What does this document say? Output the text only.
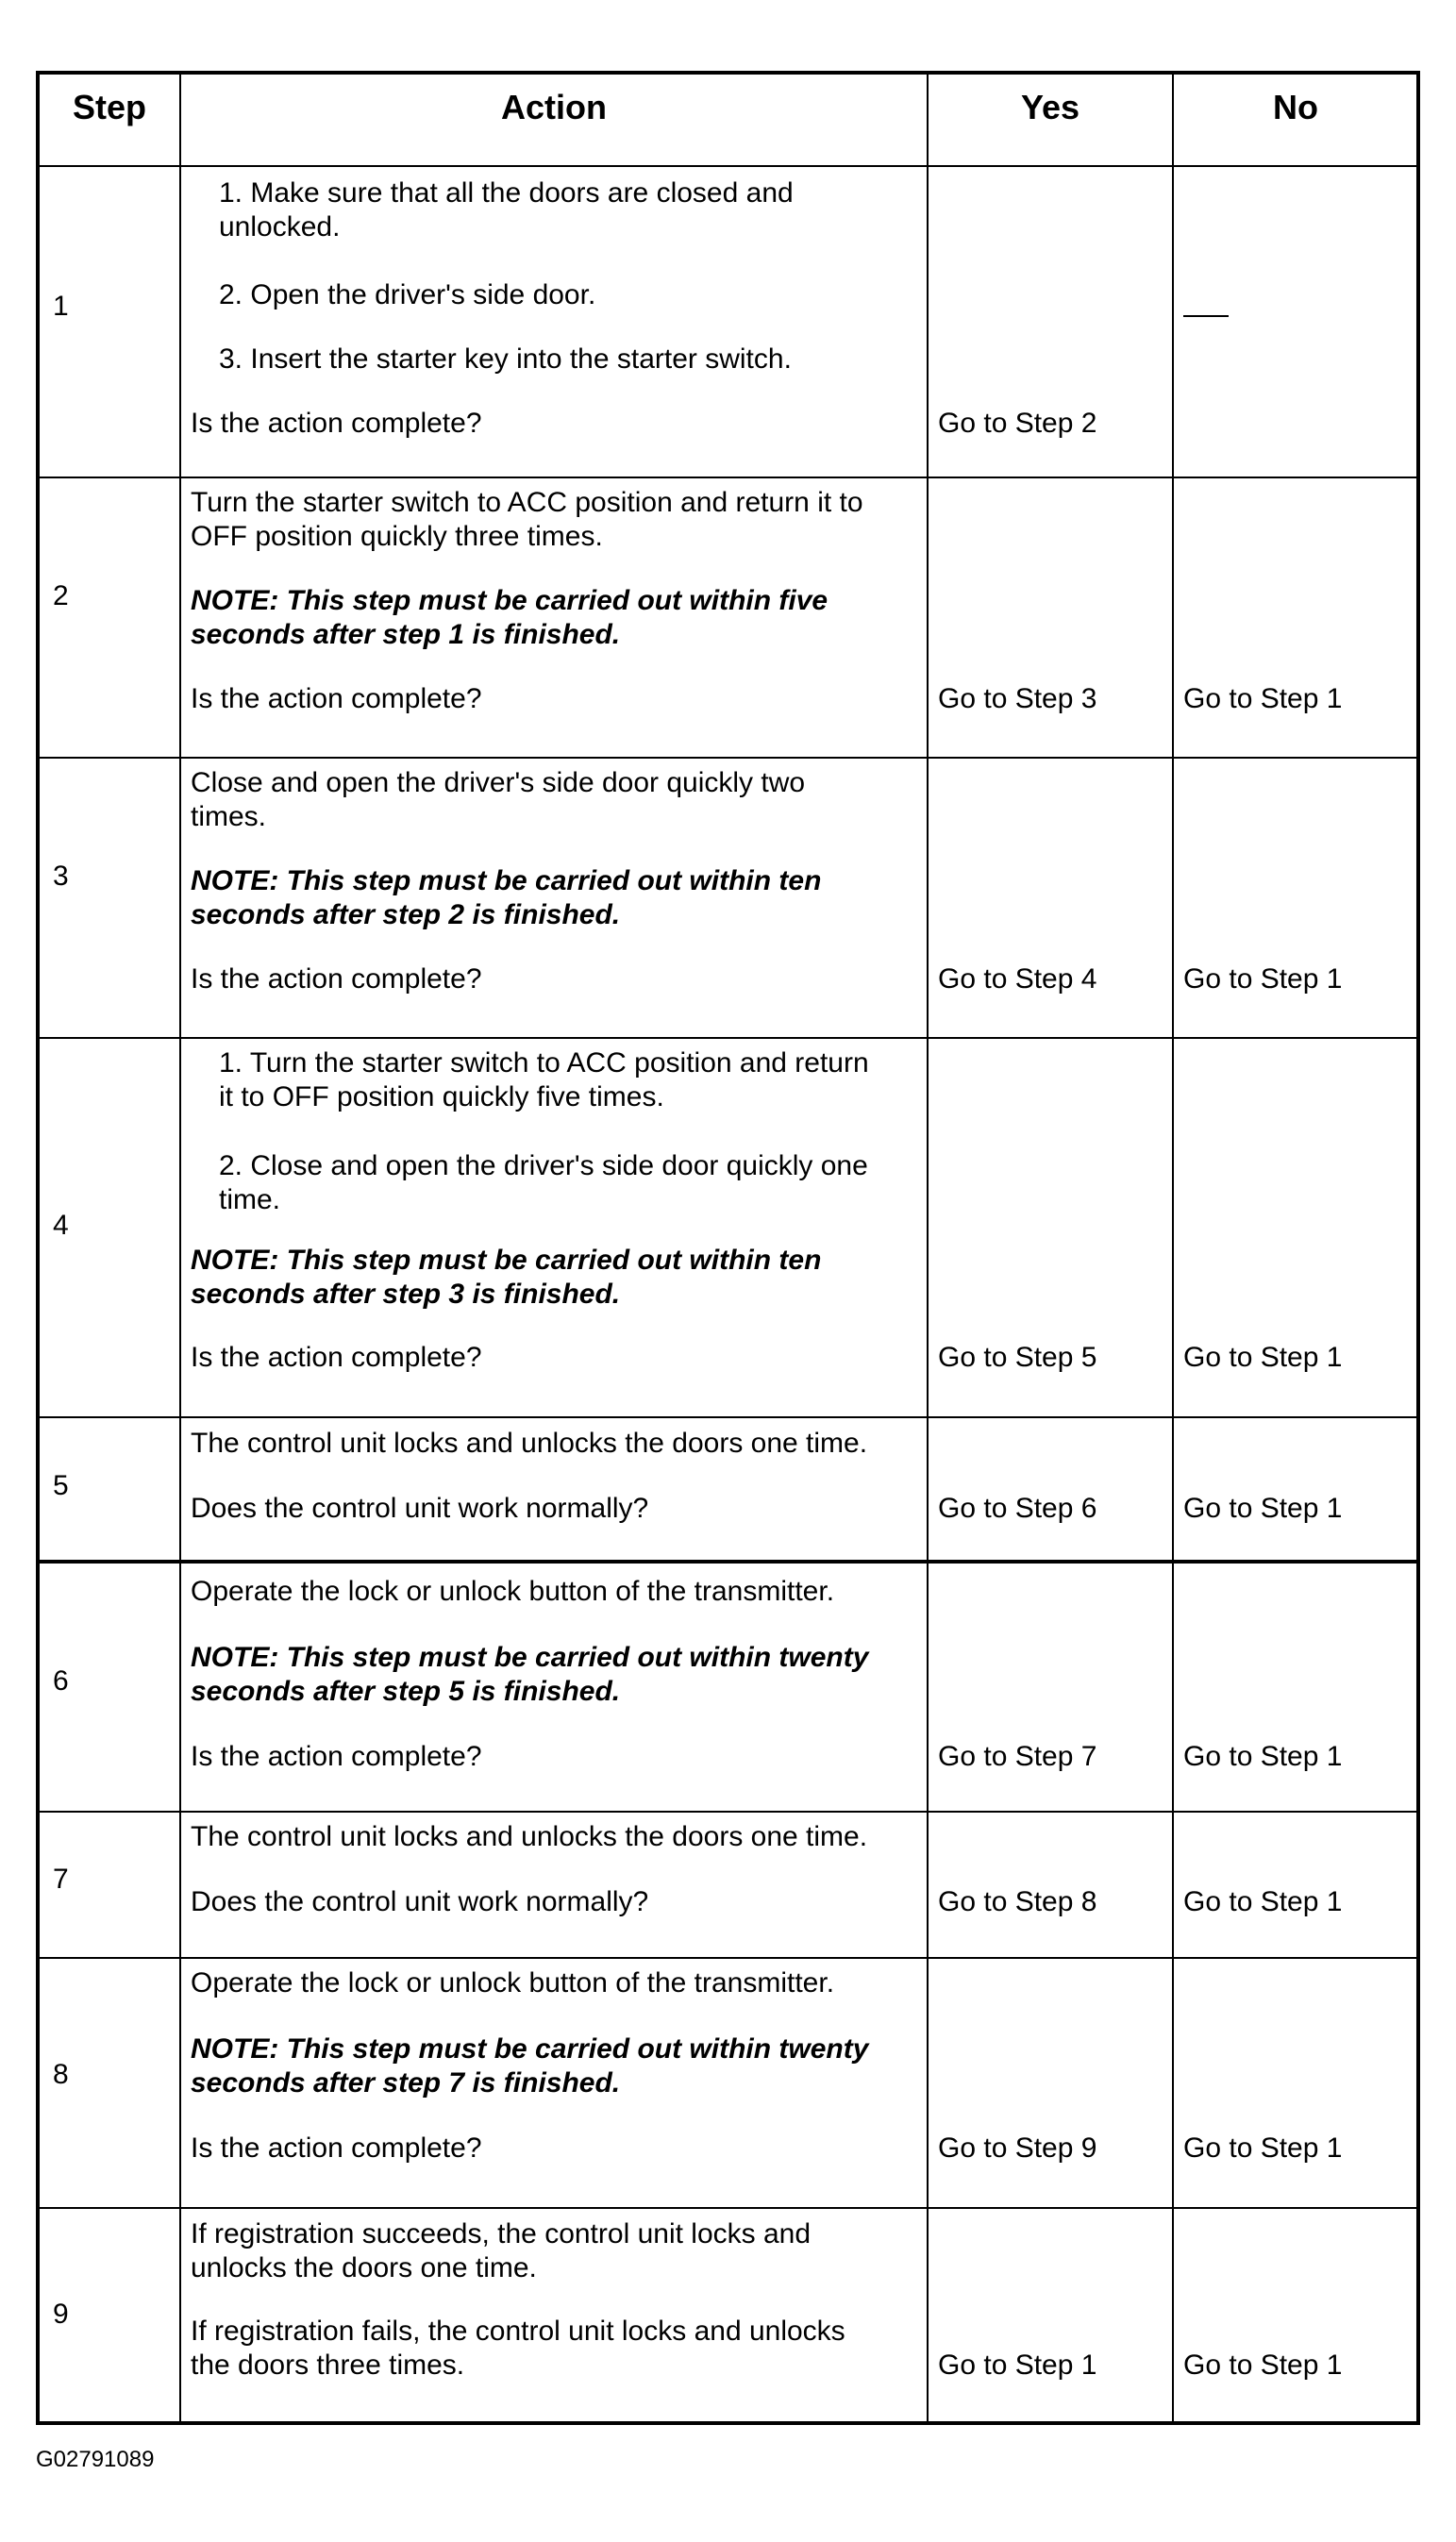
Step	Action	Yes	No
1
1. Make sure that all the doors are closed and
unlocked.
2. Open the driver's side door.
3. Insert the starter key into the starter switch.
Is the action complete?	Go to Step 2
2
Turn the starter switch to ACC position and return it to
OFF position quickly three times.
NOTE: This step must be carried out within five
seconds after step 1 is finished.
Is the action complete?	Go to Step 3	Go to Step 1
3
Close and open the driver's side door quickly two
times.
NOTE: This step must be carried out within ten
seconds after step 2 is finished.
Is the action complete?	Go to Step 4	Go to Step 1
4
1. Turn the starter switch to ACC position and return
it to OFF position quickly five times.
2. Close and open the driver's side door quickly one
time.
NOTE: This step must be carried out within ten
seconds after step 3 is finished.
Is the action complete?	Go to Step 5	Go to Step 1
5
The control unit locks and unlocks the doors one time.
Does the control unit work normally?	Go to Step 6	Go to Step 1
6
Operate the lock or unlock button of the transmitter.
NOTE: This step must be carried out within twenty
seconds after step 5 is finished.
Is the action complete?	Go to Step 7	Go to Step 1
7
The control unit locks and unlocks the doors one time.
Does the control unit work normally?	Go to Step 8	Go to Step 1
8
Operate the lock or unlock button of the transmitter.
NOTE: This step must be carried out within twenty
seconds after step 7 is finished.
Is the action complete?	Go to Step 9	Go to Step 1
9
If registration succeeds, the control unit locks and
unlocks the doors one time.
If registration fails, the control unit locks and unlocks
the doors three times.	Go to Step 1	Go to Step 1
G02791089
